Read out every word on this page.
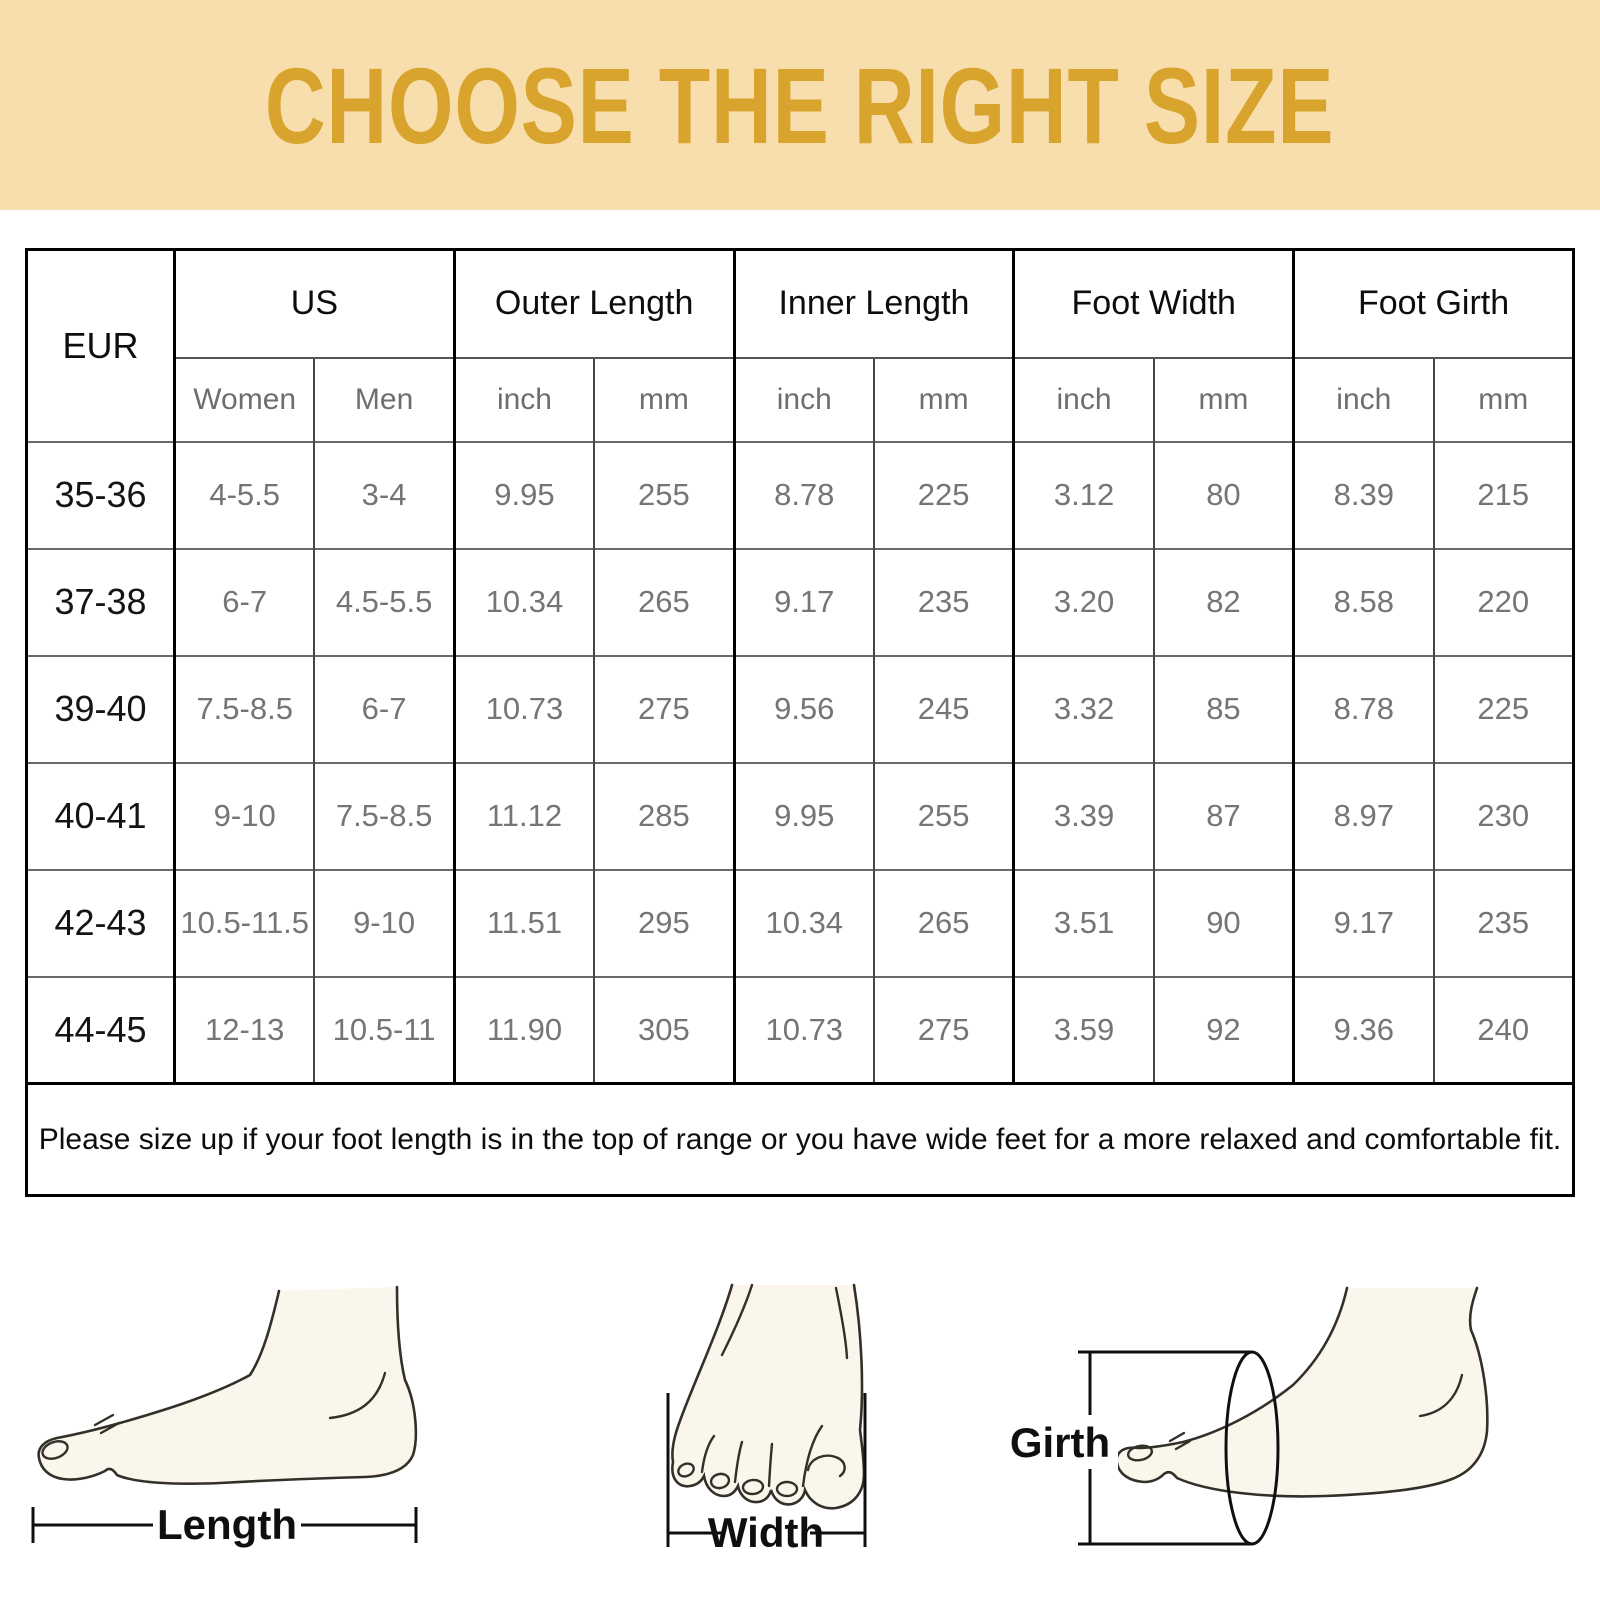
CHOOSE THE RIGHT SIZE
EUR	US		Outer Length		Inner Length		Foot Width		Foot Girth	
	Women	Men	inch	mm	inch	mm	inch	mm	inch	mm
35-36	4-5.5	3-4	9.95	255	8.78	225	3.12	80	8.39	215
37-38	6-7	4.5-5.5	10.34	265	9.17	235	3.20	82	8.58	220
39-40	7.5-8.5	6-7	10.73	275	9.56	245	3.32	85	8.78	225
40-41	9-10	7.5-8.5	11.12	285	9.95	255	3.39	87	8.97	230
42-43	10.5-11.5	9-10	11.51	295	10.34	265	3.51	90	9.17	235
44-45	12-13	10.5-11	11.90	305	10.73	275	3.59	92	9.36	240
Please size up if your foot length is in the top of range or you have wide feet for a more relaxed and comfortable fit.										
Length	Width
Girth
